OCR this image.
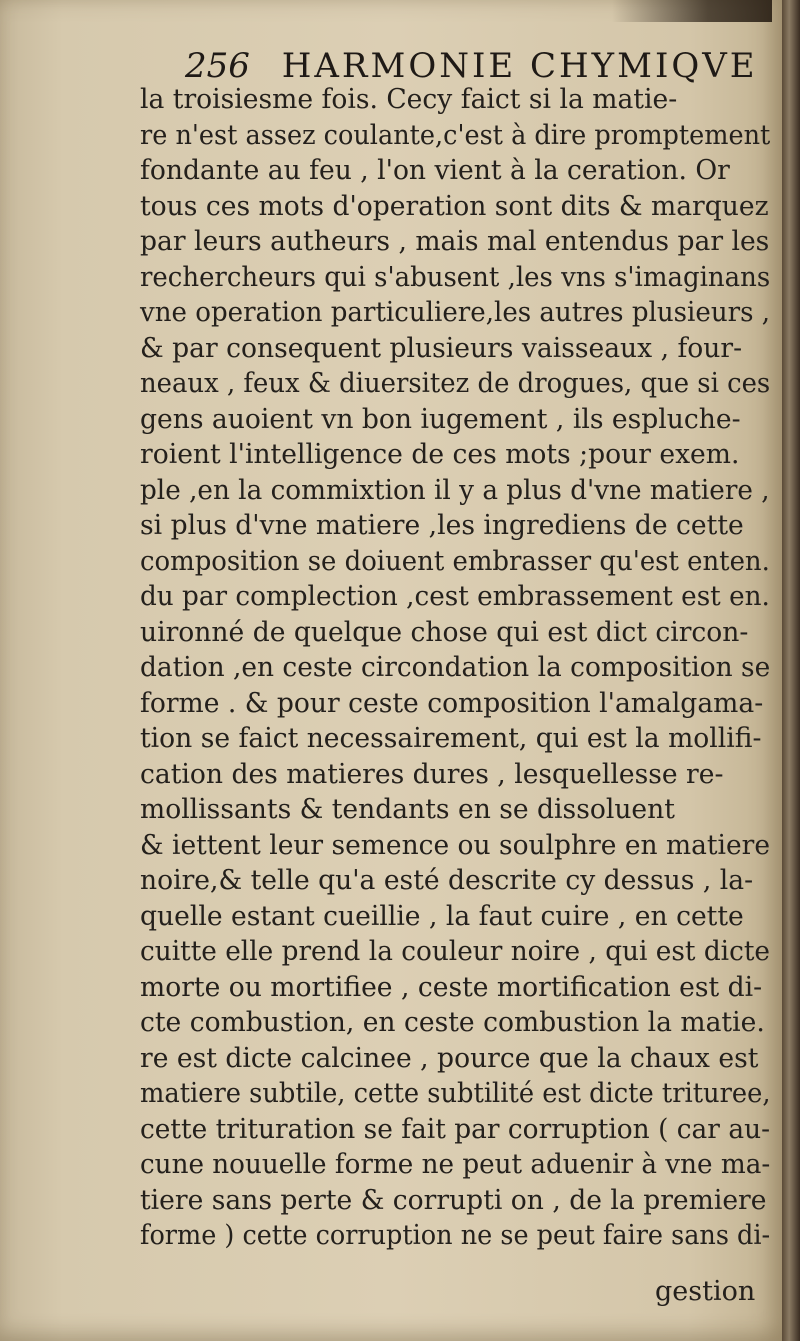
256 HARMONIE CHYMIQVE
la troisiesme fois. Cecy faict si la matie-
re n'est assez coulante,c'est à dire promptement
fondante au feu , l'on vient à la ceration. Or
tous ces mots d'operation sont dits & marquez
par leurs autheurs , mais mal entendus par les
rechercheurs qui s'abusent ,les vns s'imaginans
vne operation particuliere,les autres plusieurs ,
& par consequent plusieurs vaisseaux , four-
neaux , feux & diuersitez de drogues, que si ces
gens auoient vn bon iugement , ils espluche-
roient l'intelligence de ces mots ;pour exem.
ple ,en la commixtion il y a plus d'vne matiere ,
si plus d'vne matiere ,les ingrediens de cette
composition se doiuent embrasser qu'est enten.
du par complection ,cest embrassement est en.
uironné de quelque chose qui est dict circon-
dation ,en ceste circondation la composition se
forme . & pour ceste composition l'amalgama-
tion se faict necessairement, qui est la mollifi-
cation des matieres dures , lesquellesse re-
mollissants & tendants en se dissoluent
& iettent leur semence ou soulphre en matiere
noire,& telle qu'a esté descrite cy dessus , la-
quelle estant cueillie , la faut cuire , en cette
cuitte elle prend la couleur noire , qui est dicte
morte ou mortifiee , ceste mortification est di-
cte combustion, en ceste combustion la matie.
re est dicte calcinee , pource que la chaux est
matiere subtile, cette subtilité est dicte trituree,
cette trituration se fait par corruption ( car au-
cune nouuelle forme ne peut aduenir à vne ma-
tiere sans perte & corrupti on , de la premiere
forme ) cette corruption ne se peut faire sans di-
gestion
